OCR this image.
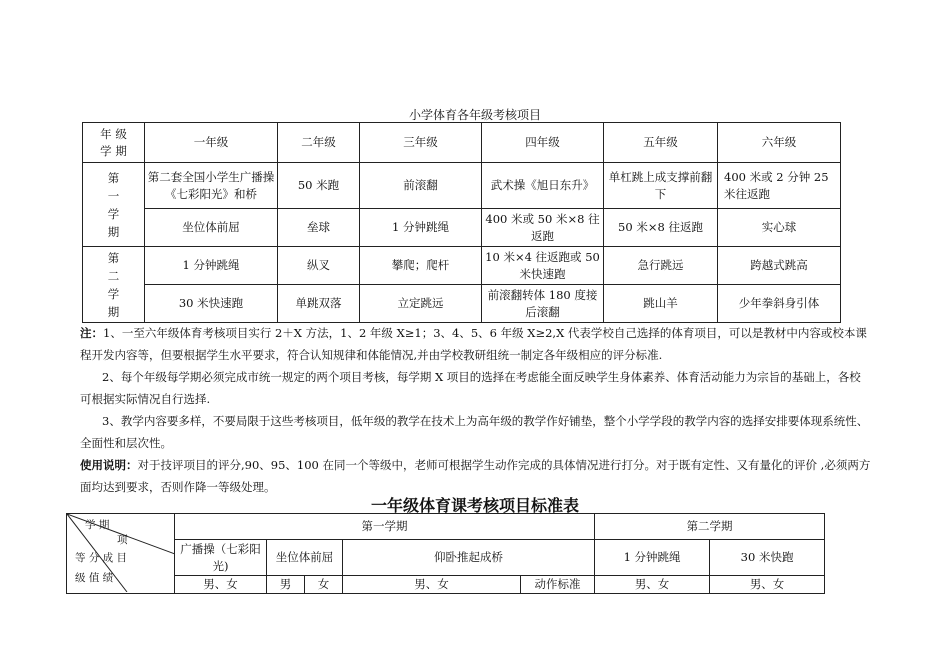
小学体育各年级考核项目
年 级
学 期	一年级	二年级	三年级	四年级	五年级	六年级

第
一
学
期	第二套全国小学生广播操《七彩阳光》和桥	50 米跑	前滚翻	武术操《旭日东升》	单杠跳上成支撑前翻下	400 米或 2 分钟 25 米往返跑
	坐位体前屈	垒球	1 分钟跳绳	400 米或 50 米×8 往返跑	50 米×8 往返跑	实心球

第
二
学
期	1 分钟跳绳	纵叉	攀爬；爬杆	10 米×4 往返跑或 50 米快速跑	急行跳远	跨越式跳高
	30 米快速跑	单跳双落	立定跳远	前滚翻转体 180 度接后滚翻	跳山羊	少年拳斜身引体

注：1、一至六年级体育考核项目实行 2＋X 方法，1、2 年级 X≥1；3、4、5、6 年级 X≥2,X 代表学校自己选择的体育项目，可以是教材中内容或校本课程开发内容等，但要根据学生水平要求，符合认知规律和体能情况,并由学校教研组统一制定各年级相应的评分标准.

2、每个年级每学期必须完成市统一规定的两个项目考核，每学期 X 项目的选择在考虑能全面反映学生身体素养、体育活动能力为宗旨的基础上，各校可根据实际情况自行选择.

3、教学内容要多样，不要局限于这些考核项目，低年级的教学在技术上为高年级的教学作好铺垫，整个小学学段的教学内容的选择安排要体现系统性、全面性和层次性。

使用说明：对于技评项目的评分,90、95、100 在同一个等级中，老师可根据学生动作完成的具体情况进行打分。对于既有定性、又有量化的评价 ,必须两方面均达到要求，否则作降一等级处理。

一年级体育课考核项目标准表
学 期
项
等 分 成 目
级 值 绩	第一学期					第二学期	
	广播操（七彩阳光)	坐位体前屈		仰卧推起成桥		1 分钟跳绳	30 米快跑
	男、女	男	女	男、女	动作标准	男、女	男、女
